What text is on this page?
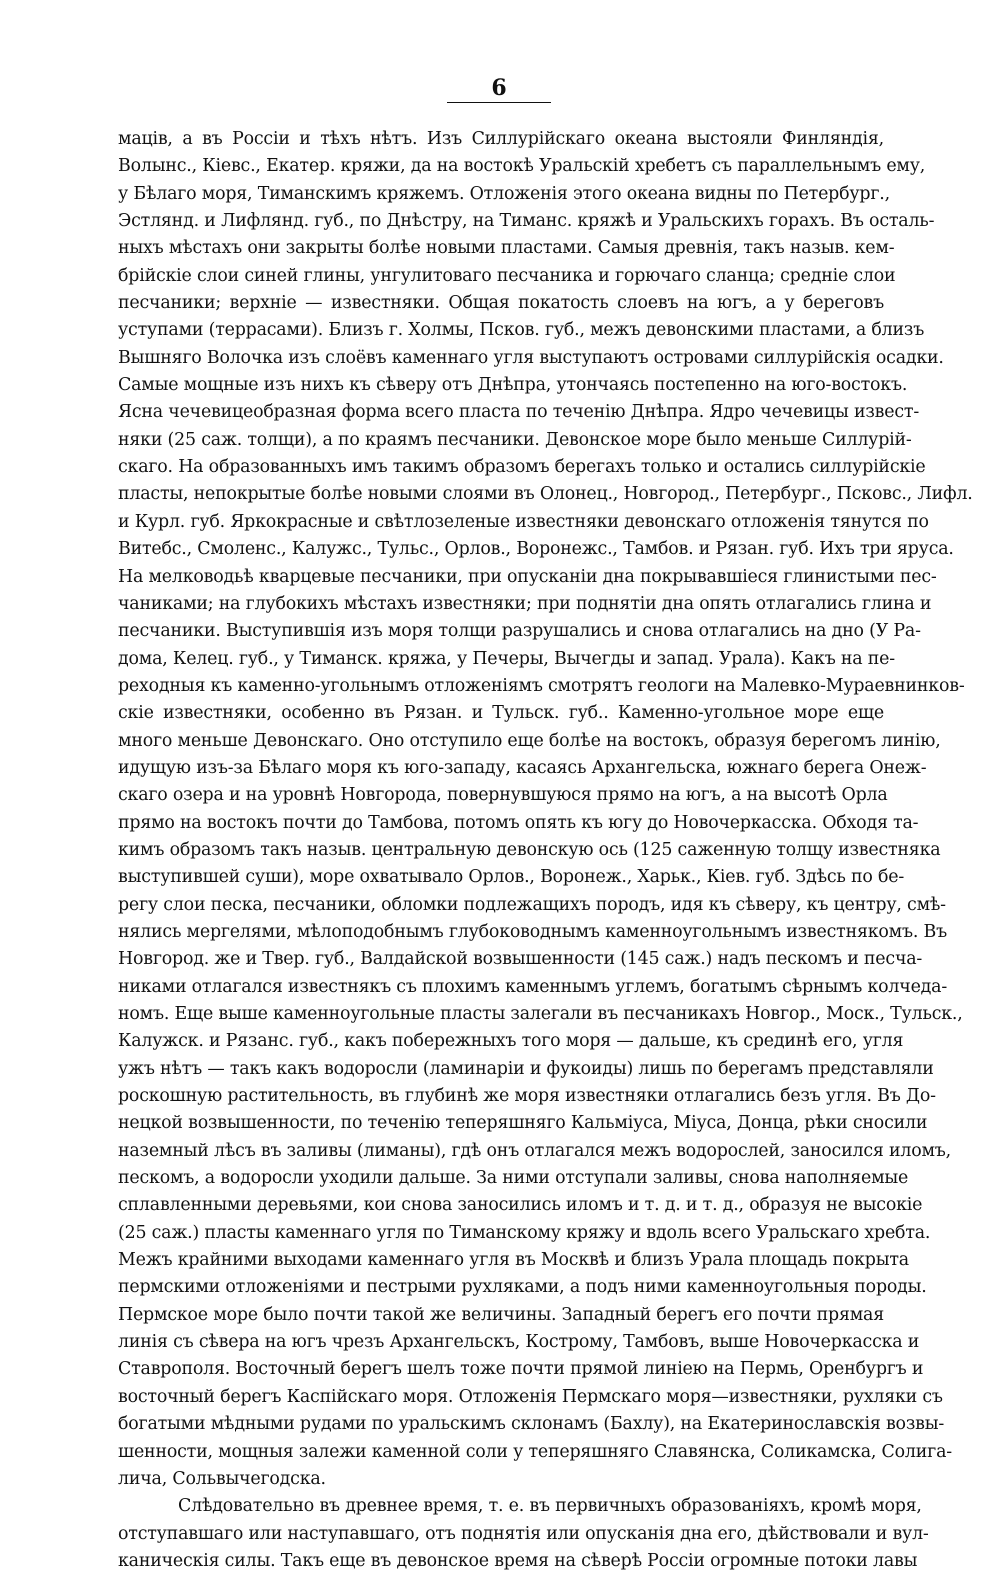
6
маців, а въ Россіи и тѣхъ нѣтъ. Изъ Силлурійскаго океана выстояли Финляндія,
Волынс., Кіевс., Екатер. кряжи, да на востокѣ Уральскій хребетъ съ параллельнымъ ему,
у Бѣлаго моря, Тиманскимъ кряжемъ. Отложенія этого океана видны по Петербург.,
Эстлянд. и Лифлянд. губ., по Днѣстру, на Тиманс. кряжѣ и Уральскихъ горахъ. Въ осталь-
ныхъ мѣстахъ они закрыты болѣе новыми пластами. Самыя древнія, такъ назыв. кем-
брійскіе слои синей глины, унгулитоваго песчаника и горючаго сланца; средніе слои
песчаники; верхніе — известняки. Общая покатость слоевъ на югъ, а у береговъ
уступами (террасами). Близъ г. Холмы, Псков. губ., межъ девонскими пластами, а близъ
Вышняго Волочка изъ слоёвъ каменнаго угля выступаютъ островами силлурійскія осадки.
Самые мощные изъ нихъ къ сѣверу отъ Днѣпра, утончаясь постепенно на юго-востокъ.
Ясна чечевицеобразная форма всего пласта по теченію Днѣпра. Ядро чечевицы извест-
няки (25 саж. толщи), а по краямъ песчаники. Девонское море было меньше Силлурій-
скаго. На образованныхъ имъ такимъ образомъ берегахъ только и остались силлурійскіе
пласты, непокрытые болѣе новыми слоями въ Олонец., Новгород., Петербург., Псковс., Лифл.
и Курл. губ. Яркокрасные и свѣтлозеленые известняки девонскаго отложенія тянутся по
Витебс., Смоленс., Калужс., Тульс., Орлов., Воронежс., Тамбов. и Рязан. губ. Ихъ три яруса.
На мелководьѣ кварцевые песчаники, при опусканіи дна покрывавшіеся глинистыми пес-
чаниками; на глубокихъ мѣстахъ известняки; при поднятіи дна опять отлагались глина и
песчаники. Выступившія изъ моря толщи разрушались и снова отлагались на дно (У Ра-
дома, Келец. губ., у Тиманск. кряжа, у Печеры, Вычегды и запад. Урала). Какъ на пе-
реходныя къ каменно-угольнымъ отложеніямъ смотрятъ геологи на Малевко-Мураевнинков-
скіе известняки, особенно въ Рязан. и Тульск. губ.. Каменно-угольное море еще
много меньше Девонскаго. Оно отступило еще болѣе на востокъ, образуя берегомъ линію,
идущую изъ-за Бѣлаго моря къ юго-западу, касаясь Архангельска, южнаго берега Онеж-
скаго озера и на уровнѣ Новгорода, повернувшуюся прямо на югъ, а на высотѣ Орла
прямо на востокъ почти до Тамбова, потомъ опять къ югу до Новочеркасска. Обходя та-
кимъ образомъ такъ назыв. центральную девонскую ось (125 саженную толщу известняка
выступившей суши), море охватывало Орлов., Воронеж., Харьк., Кіев. губ. Здѣсь по бе-
регу слои песка, песчаники, обломки подлежащихъ породъ, идя къ сѣверу, къ центру, смѣ-
нялись мергелями, мѣлоподобнымъ глубоководнымъ каменноугольнымъ известнякомъ. Въ
Новгород. же и Твер. губ., Валдайской возвышенности (145 саж.) надъ пескомъ и песча-
никами отлагался известнякъ съ плохимъ каменнымъ углемъ, богатымъ сѣрнымъ колчеда-
номъ. Еще выше каменноугольные пласты залегали въ песчаникахъ Новгор., Моск., Тульск.,
Калужск. и Рязанс. губ., какъ побережныхъ того моря — дальше, къ срединѣ его, угля
ужъ нѣтъ — такъ какъ водоросли (ламинаріи и фукоиды) лишь по берегамъ представляли
роскошную растительность, въ глубинѣ же моря известняки отлагались безъ угля. Въ До-
нецкой возвышенности, по теченію теперяшняго Кальміуса, Міуса, Донца, рѣки сносили
наземный лѣсъ въ заливы (лиманы), гдѣ онъ отлагался межъ водорослей, заносился иломъ,
пескомъ, а водоросли уходили дальше. За ними отступали заливы, снова наполняемые
сплавленными деревьями, кои снова заносились иломъ и т. д. и т. д., образуя не высокіе
(25 саж.) пласты каменнаго угля по Тиманскому кряжу и вдоль всего Уральскаго хребта.
Межъ крайними выходами каменнаго угля въ Москвѣ и близъ Урала площадь покрыта
пермскими отложеніями и пестрыми рухляками, а подъ ними каменноугольныя породы.
Пермское море было почти такой же величины. Западный берегъ его почти прямая
линія съ сѣвера на югъ чрезъ Архангельскъ, Кострому, Тамбовъ, выше Новочеркасска и
Ставрополя. Восточный берегъ шелъ тоже почти прямой линіею на Пермь, Оренбургъ и
восточный берегъ Каспійскаго моря. Отложенія Пермскаго моря—известняки, рухляки съ
богатыми мѣдными рудами по уральскимъ склонамъ (Бахлу), на Екатеринославскія возвы-
шенности, мощныя залежи каменной соли у теперяшняго Славянска, Соликамска, Солига-
лича, Сольвычегодска.
Слѣдовательно въ древнее время, т. е. въ первичныхъ образованіяхъ, кромѣ моря,
отступавшаго или наступавшаго, отъ поднятія или опусканія дна его, дѣйствовали и вул-
каническія силы. Такъ еще въ девонское время на сѣверѣ Россіи огромные потоки лавы
